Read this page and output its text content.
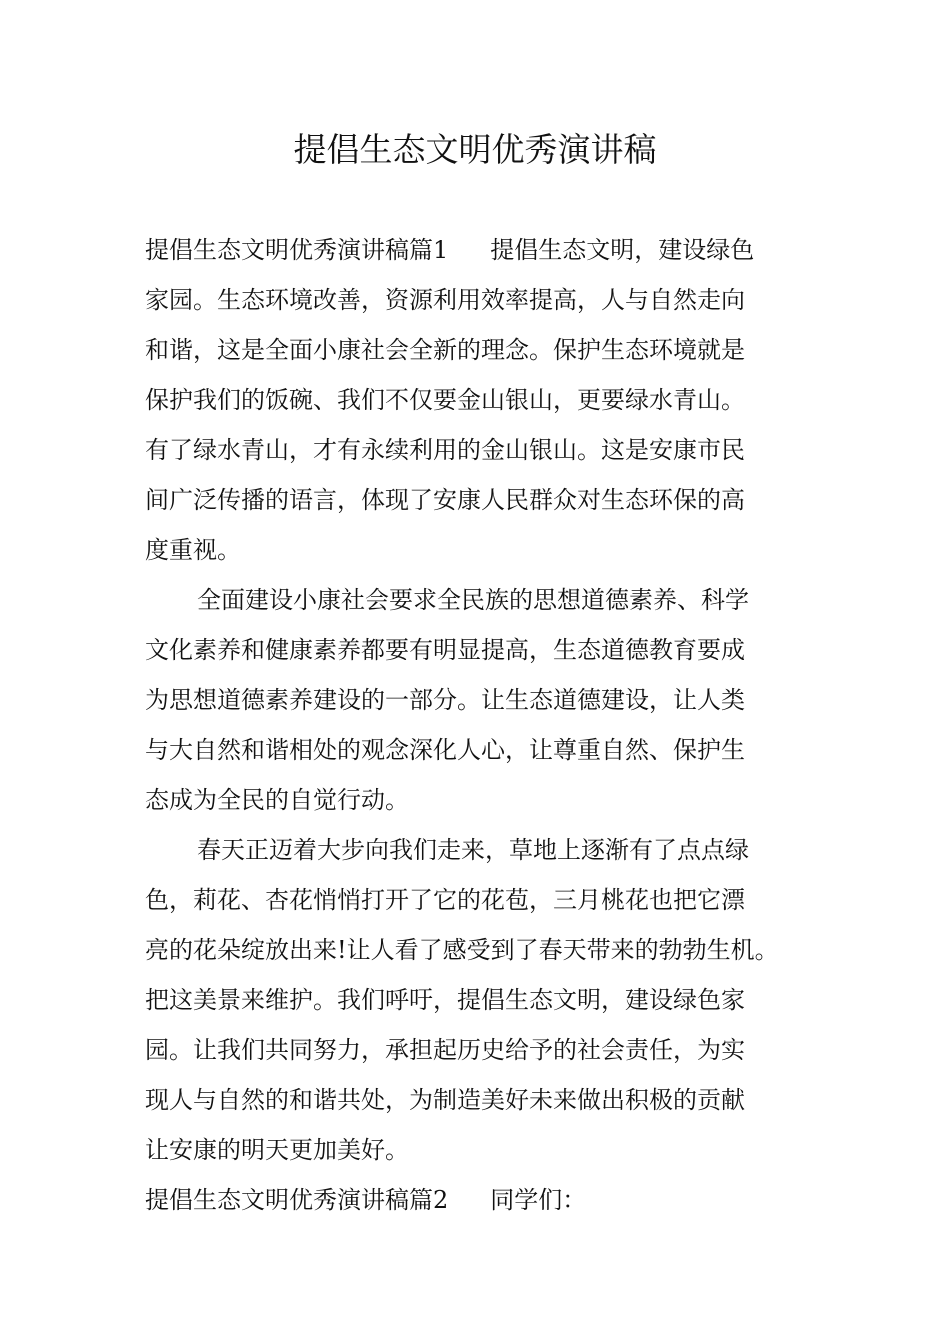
提倡生态文明优秀演讲稿
提倡生态文明优秀演讲稿篇1 提倡生态文明，建设绿色
家园。生态环境改善，资源利用效率提高，人与自然走向
和谐，这是全面小康社会全新的理念。保护生态环境就是
保护我们的饭碗、我们不仅要金山银山，更要绿水青山。
有了绿水青山，才有永续利用的金山银山。这是安康市民
间广泛传播的语言，体现了安康人民群众对生态环保的高
度重视。
全面建设小康社会要求全民族的思想道德素养、科学
文化素养和健康素养都要有明显提高，生态道德教育要成
为思想道德素养建设的一部分。让生态道德建设，让人类
与大自然和谐相处的观念深化人心，让尊重自然、保护生
态成为全民的自觉行动。
春天正迈着大步向我们走来，草地上逐渐有了点点绿
色，莉花、杏花悄悄打开了它的花苞，三月桃花也把它漂
亮的花朵绽放出来!让人看了感受到了春天带来的勃勃生机。
把这美景来维护。我们呼吁，提倡生态文明，建设绿色家
园。让我们共同努力，承担起历史给予的社会责任，为实
现人与自然的和谐共处，为制造美好未来做出积极的贡献
让安康的明天更加美好。
提倡生态文明优秀演讲稿篇2 同学们：
